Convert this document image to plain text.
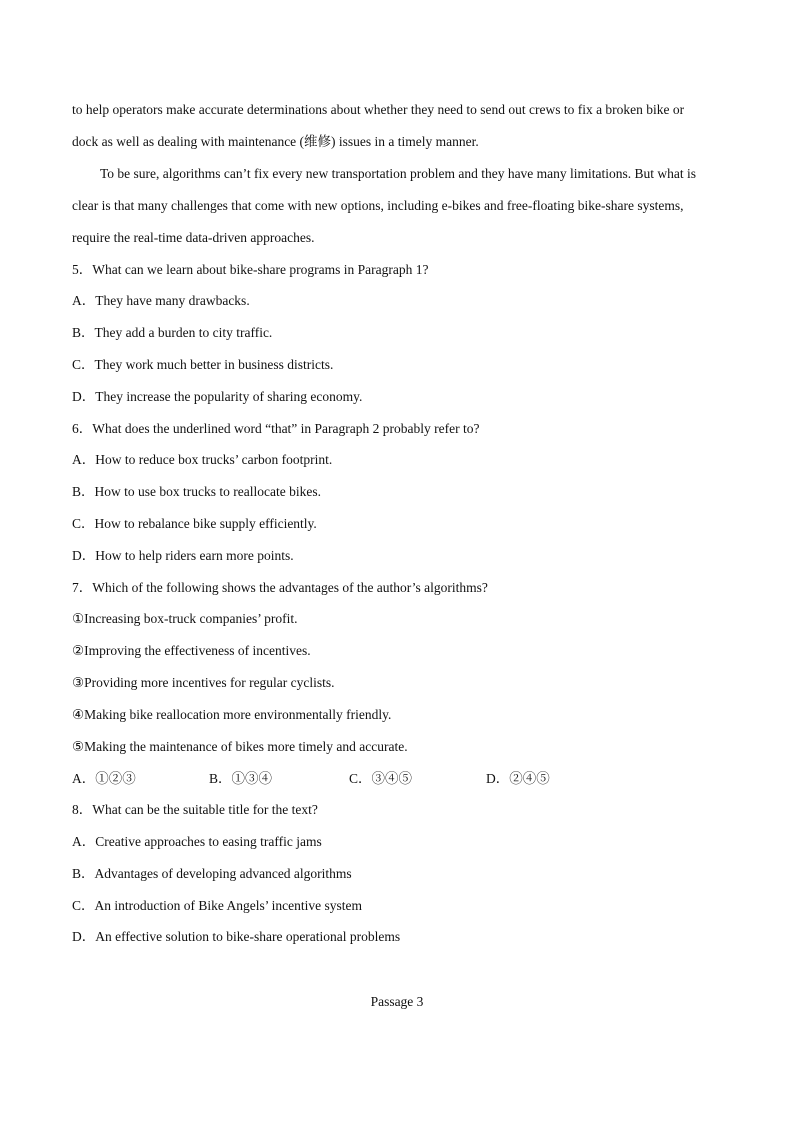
to help operators make accurate determinations about whether they need to send out crews to fix a broken bike or
dock as well as dealing with maintenance (维修) issues in a timely manner.
To be sure, algorithms can’t fix every new transportation problem and they have many limitations. But what is
clear is that many challenges that come with new options, including e-bikes and free-floating bike-share systems,
require the real-time data-driven approaches.
5．What can we learn about bike-share programs in Paragraph 1?
A．They have many drawbacks.
B．They add a burden to city traffic.
C．They work much better in business districts.
D．They increase the popularity of sharing economy.
6．What does the underlined word “that” in Paragraph 2 probably refer to?
A．How to reduce box trucks’ carbon footprint.
B．How to use box trucks to reallocate bikes.
C．How to rebalance bike supply efficiently.
D．How to help riders earn more points.
7．Which of the following shows the advantages of the author’s algorithms?
①Increasing box-truck companies’ profit.
②Improving the effectiveness of incentives.
③Providing more incentives for regular cyclists.
④Making bike reallocation more environmentally friendly.
⑤Making the maintenance of bikes more timely and accurate.
A．①②③	B．①③④	C．③④⑤	D．②④⑤
8．What can be the suitable title for the text?
A．Creative approaches to easing traffic jams
B．Advantages of developing advanced algorithms
C．An introduction of Bike Angels’ incentive system
D．An effective solution to bike-share operational problems
Passage 3
